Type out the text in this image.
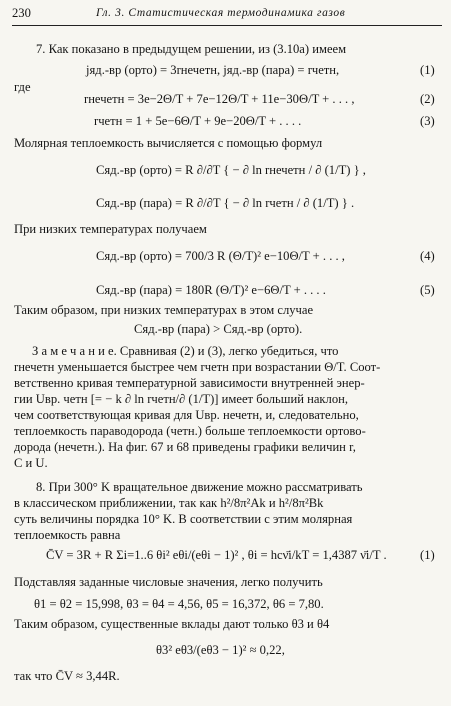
230	Гл. 3. Статистическая термодинамика газов
7. Как показано в предыдущем решении, из (3.10a) имеем
jяд.-вр (орто) = 3rнечетн, jяд.-вр (пара) = rчетн,
где
rнечетн = 3e−2Θ/T + 7e−12Θ/T + 11e−30Θ/T + . . . ,
rчетн = 1 + 5e−6Θ/T + 9e−20Θ/T + . . . .
Молярная теплоемкость вычисляется с помощью формул
Cяд.-вр (орто) = R ∂/∂T { − ∂ ln rнечетн / ∂ (1/T) } ,
Cяд.-вр (пара) = R ∂/∂T { − ∂ ln rчетн / ∂ (1/T) } .
При низких температурах получаем
Cяд.-вр (орто) = 700/3 R (Θ/T)² e−10Θ/T + . . . ,
Cяд.-вр (пара) = 180R (Θ/T)² e−6Θ/T + . . . .
Таким образом, при низких температурах в этом случае
Cяд.-вр (пара) > Cяд.-вр (орто).
З а м е ч а н и е. Сравнивая (2) и (3), легко убедиться, что
rнечетн уменьшается быстрее чем rчетн при возрастании Θ/T. Соот-
ветственно кривая температурной зависимости внутренней энер-
гии Uвр. четн [= − k ∂ ln rчетн/∂ (1/T)] имеет больший наклон,
чем соответствующая кривая для Uвр. нечетн, и, следовательно,
теплоемкость параводорода (четн.) больше теплоемкости ортово-
дорода (нечетн.). На фиг. 67 и 68 приведены графики величин r,
C и U.
8. При 300° K вращательное движение можно рассматривать
в классическом приближении, так как h²/8π²Ak и h²/8π²Bk
суть величины порядка 10° K. В соответствии с этим молярная
теплоемкость равна
C̄V = 3R + R Σi=1..6 θi² eθi/(eθi − 1)² , θi = hcν̄i/kT = 1,4387 ν̄i/T .
Подставляя заданные числовые значения, легко получить
θ1 = θ2 = 15,998, θ3 = θ4 = 4,56, θ5 = 16,372, θ6 = 7,80.
Таким образом, существенные вклады дают только θ3 и θ4
θ3² eθ3/(eθ3 − 1)² ≈ 0,22,
так что C̄V ≈ 3,44R.
(1)
(2)
(3)
(4)
(5)
(1)
